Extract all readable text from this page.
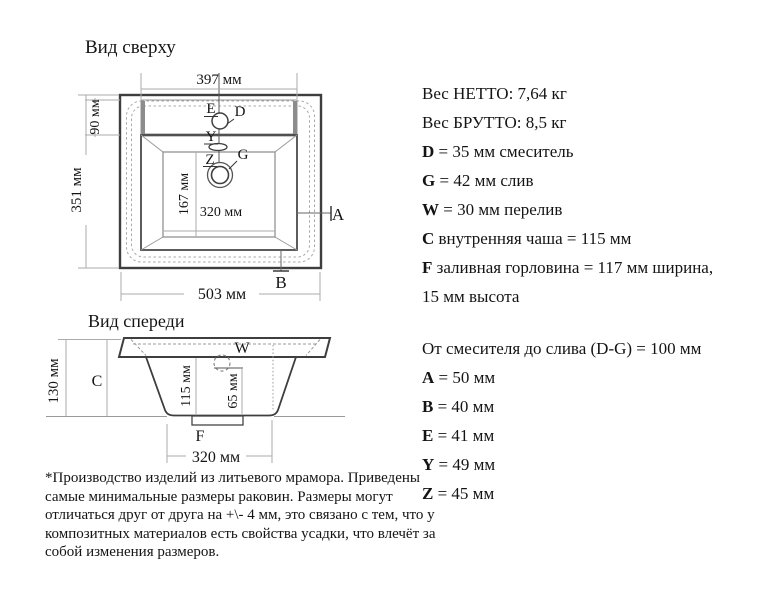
Вид сверху
397 мм
90 мм
351 мм
503 мм
320 мм
167 мм
E D
Y
Z G
A
B
Вид спереди
W
C
130 мм	115 мм 65 мм
F
320 мм
Вес НЕТТО: 7,64 кг
Вес БРУТТО: 8,5 кг
D = 35 мм смеситель
G = 42 мм слив
W = 30 мм перелив
C внутренняя чаша = 115 мм
F заливная горловина = 117 мм ширина,
15 мм высота
От смесителя до слива (D-G) = 100 мм
A = 50 мм
B = 40 мм
E = 41 мм
Y = 49 мм
Z = 45 мм
*Производство изделий из литьевого мрамора. Приведены самые минимальные размеры раковин. Размеры могут отличаться друг от друга на +\- 4 мм, это связано с тем, что у композитных материалов есть свойства усадки, что влечёт за собой изменения размеров.
